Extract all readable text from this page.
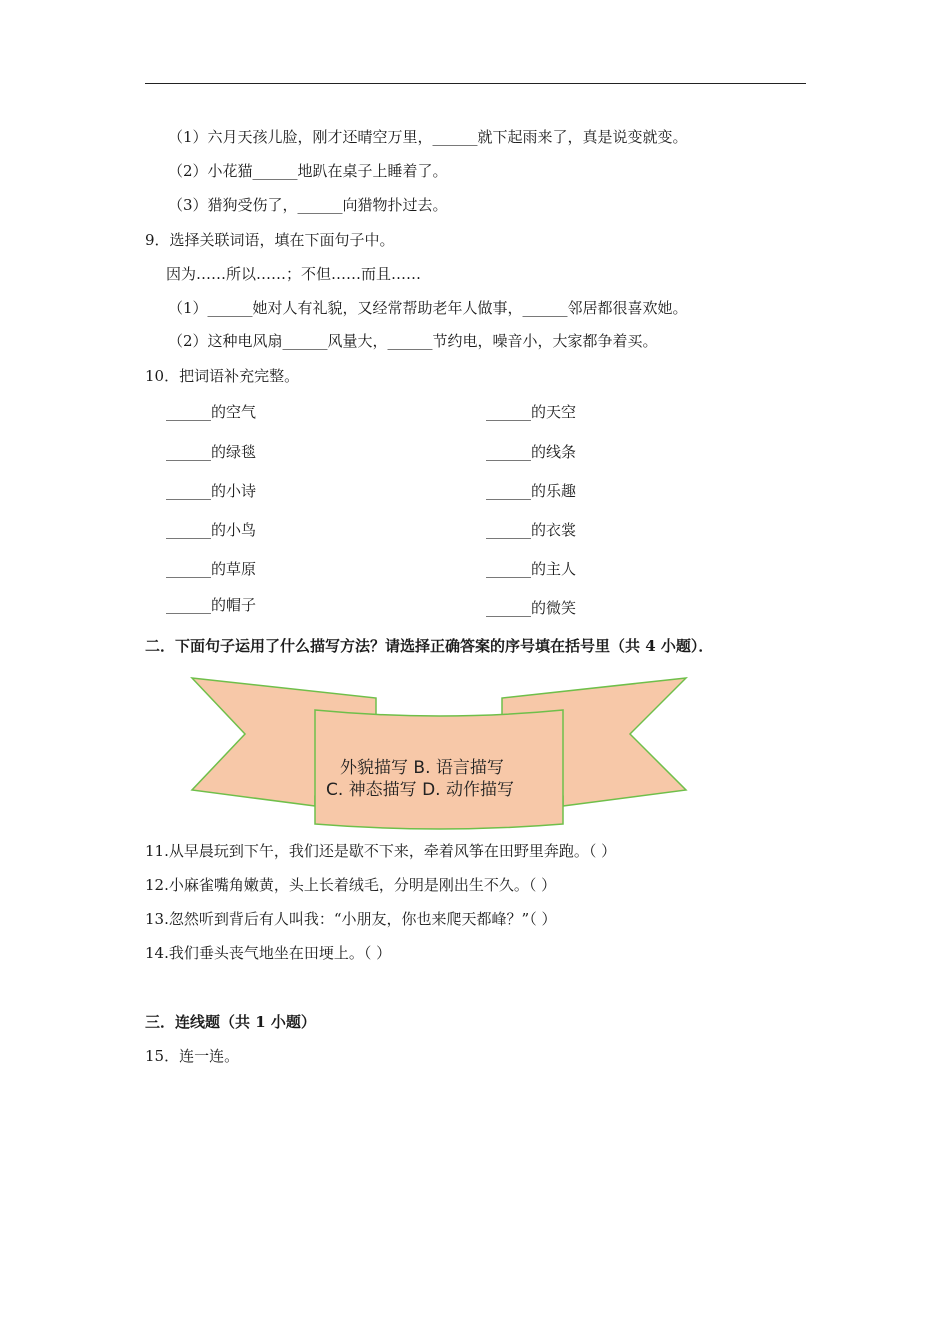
（1）六月天孩儿脸，刚才还晴空万里，______就下起雨来了，真是说变就变。
（2）小花猫______地趴在桌子上睡着了。
（3）猎狗受伤了，______向猎物扑过去。
9．选择关联词语，填在下面句子中。
因为……所以……；不但……而且……
（1）______她对人有礼貌，又经常帮助老年人做事，______邻居都很喜欢她。
（2）这种电风扇______风量大，______节约电，噪音小，大家都争着买。
10．把词语补充完整。
______的空气
______的绿毯
______的小诗
______的小鸟
______的草原
______的帽子
______的天空
______的线条
______的乐趣
______的衣裳
______的主人
______的微笑
二．下面句子运用了什么描写方法？请选择正确答案的序号填在括号里（共 4 小题）．
外貌描写 B. 语言描写
C. 神态描写 D. 动作描写
11.从早晨玩到下午，我们还是歇不下来，牵着风筝在田野里奔跑。（ ）
12.小麻雀嘴角嫩黄，头上长着绒毛，分明是刚出生不久。（ ）
13.忽然听到背后有人叫我：“小朋友，你也来爬天都峰？”（ ）
14.我们垂头丧气地坐在田埂上。（ ）
三．连线题（共 1 小题）
15．连一连。
